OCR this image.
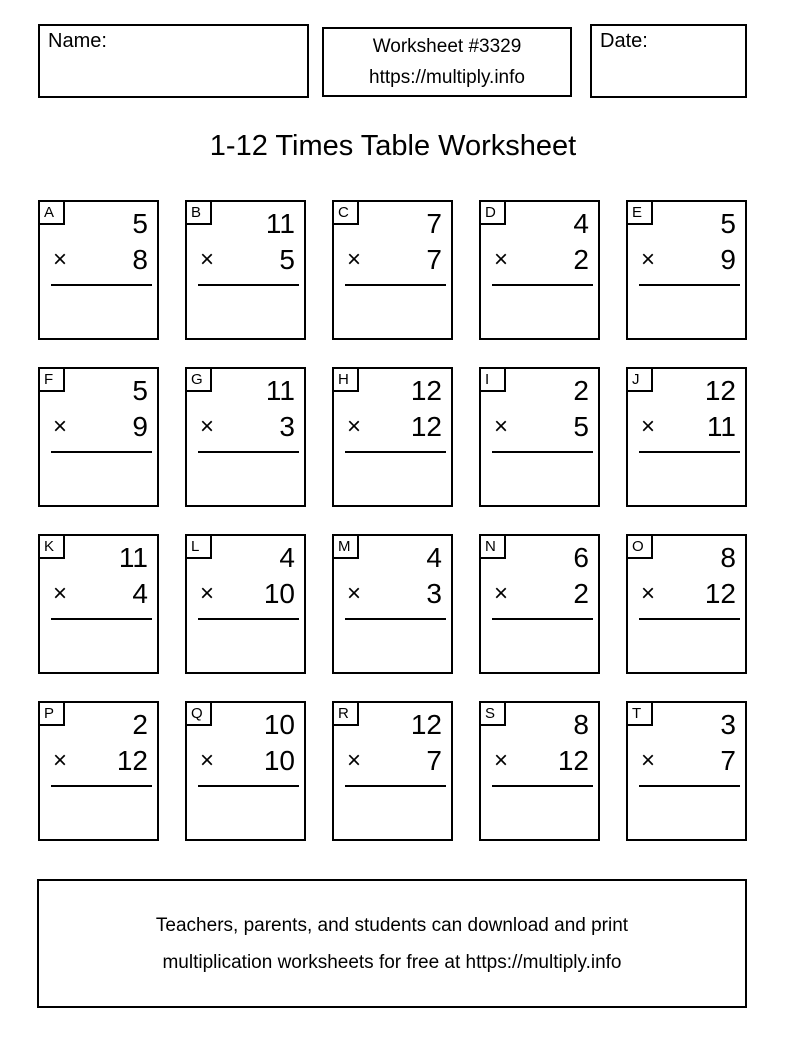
Name:	Worksheet #3329
https://multiply.info
Date:
1-12 Times Table Worksheet
A	5
× 8
B	11
× 5
C	7
× 7
D	4
× 2
E	5
× 9
F	5
× 9
G	11
× 3
H	12
× 12
I	2
× 5
J	12
× 11
K	11
× 4
L	4
× 10
M	4
× 3
N	6
× 2
O	8
× 12
P	2
× 12
Q	10
× 10
R	12
× 7
S	8
× 12
T	3
× 7
Teachers, parents, and students can download and print
multiplication worksheets for free at https://multiply.info
